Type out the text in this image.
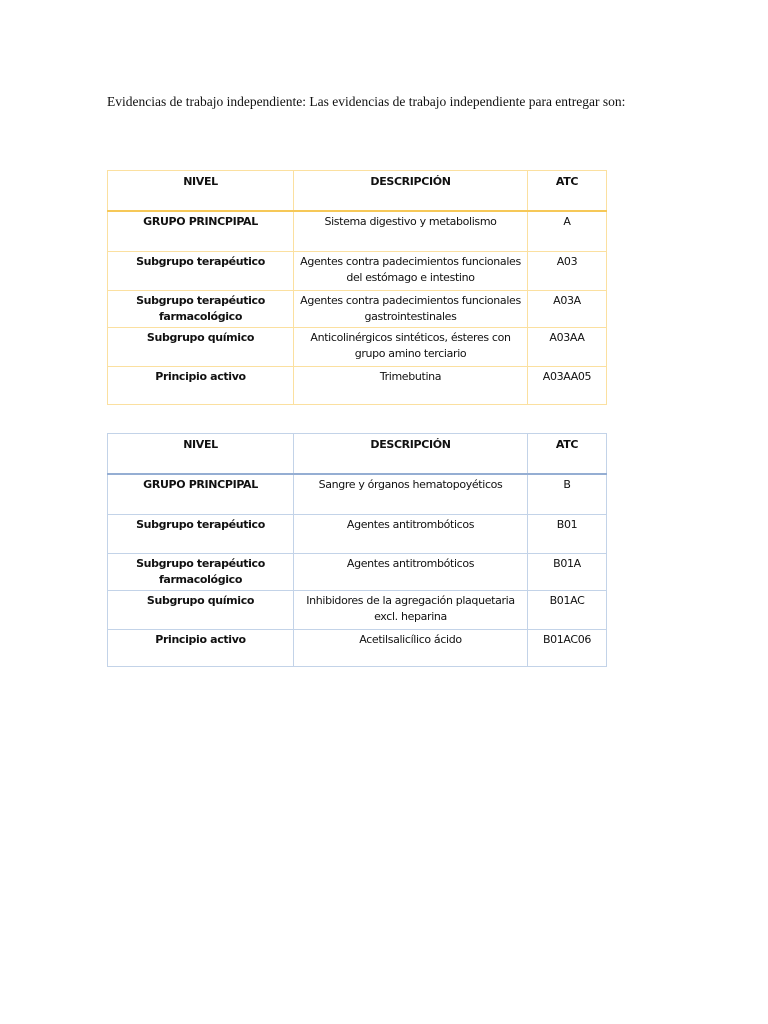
Evidencias de trabajo independiente: Las evidencias de trabajo independiente para entregar son:

NIVEL	DESCRIPCIÓN	ATC
GRUPO PRINCPIPAL	Sistema digestivo y metabolismo	A
Subgrupo terapéutico	Agentes contra padecimientos funcionales del estómago e intestino	A03
Subgrupo terapéutico farmacológico	Agentes contra padecimientos funcionales gastrointestinales	A03A
Subgrupo químico	Anticolinérgicos sintéticos, ésteres con grupo amino terciario	A03AA
Principio activo	Trimebutina	A03AA05
NIVEL	DESCRIPCIÓN	ATC
GRUPO PRINCPIPAL	Sangre y órganos hematopoyéticos	B
Subgrupo terapéutico	Agentes antitrombóticos	B01
Subgrupo terapéutico farmacológico	Agentes antitrombóticos	B01A
Subgrupo químico	Inhibidores de la agregación plaquetaria excl. heparina	B01AC
Principio activo	Acetilsalicílico ácido	B01AC06
